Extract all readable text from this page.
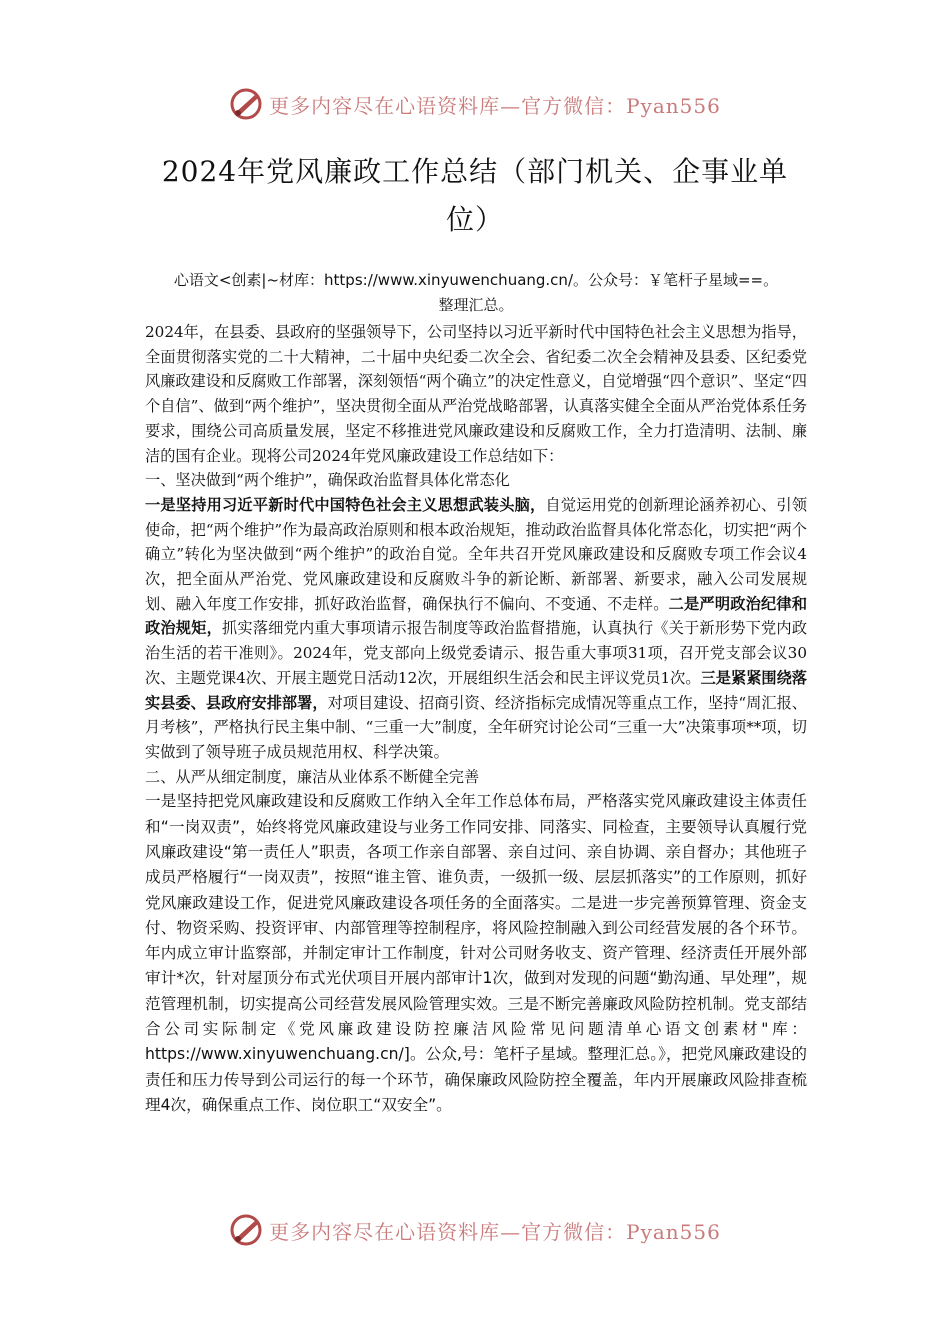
更多内容尽在心语资料库—官方微信：Pyan556
2024年党风廉政工作总结（部门机关、企事业单位）

心语文<创素|~材库：https://www.xinyuwenchuang.cn/。公众号：￥笔杆子星域==。

整理汇总。

2024年，在县委、县政府的坚强领导下，公司坚持以习近平新时代中国特色社会主义思想为指导，全面贯彻落实党的二十大精神，二十届中央纪委二次全会、省纪委二次全会精神及县委、区纪委党风廉政建设和反腐败工作部署，深刻领悟“两个确立”的决定性意义，自觉增强“四个意识”、坚定“四个自信”、做到“两个维护”，坚决贯彻全面从严治党战略部署，认真落实健全全面从严治党体系任务要求，围绕公司高质量发展，坚定不移推进党风廉政建设和反腐败工作，全力打造清明、法制、廉洁的国有企业。现将公司2024年党风廉政建设工作总结如下：

一、坚决做到“两个维护”，确保政治监督具体化常态化

一是坚持用习近平新时代中国特色社会主义思想武装头脑，自觉运用党的创新理论涵养初心、引领使命，把“两个维护”作为最高政治原则和根本政治规矩，推动政治监督具体化常态化，切实把“两个确立”转化为坚决做到“两个维护”的政治自觉。全年共召开党风廉政建设和反腐败专项工作会议4次，把全面从严治党、党风廉政建设和反腐败斗争的新论断、新部署、新要求，融入公司发展规划、融入年度工作安排，抓好政治监督，确保执行不偏向、不变通、不走样。二是严明政治纪律和政治规矩，抓实落细党内重大事项请示报告制度等政治监督措施，认真执行《关于新形势下党内政治生活的若干准则》。2024年，党支部向上级党委请示、报告重大事项31项，召开党支部会议30次、主题党课4次、开展主题党日活动12次，开展组织生活会和民主评议党员1次。三是紧紧围绕落实县委、县政府安排部署，对项目建设、招商引资、经济指标完成情况等重点工作，坚持“周汇报、月考核”，严格执行民主集中制、“三重一大”制度，全年研究讨论公司“三重一大”决策事项**项，切实做到了领导班子成员规范用权、科学决策。

二、从严从细定制度，廉洁从业体系不断健全完善

一是坚持把党风廉政建设和反腐败工作纳入全年工作总体布局，严格落实党风廉政建设主体责任和“一岗双责”，始终将党风廉政建设与业务工作同安排、同落实、同检查，主要领导认真履行党风廉政建设“第一责任人”职责，各项工作亲自部署、亲自过问、亲自协调、亲自督办；其他班子成员严格履行“一岗双责”，按照“谁主管、谁负责，一级抓一级、层层抓落实”的工作原则，抓好党风廉政建设工作，促进党风廉政建设各项任务的全面落实。二是进一步完善预算管理、资金支付、物资采购、投资评审、内部管理等控制程序，将风险控制融入到公司经营发展的各个环节。年内成立审计监察部，并制定审计工作制度，针对公司财务收支、资产管理、经济责任开展外部审计*次，针对屋顶分布式光伏项目开展内部审计1次，做到对发现的问题“勤沟通、早处理”，规范管理机制，切实提高公司经营发展风险管理实效。三是不断完善廉政风险防控机制。党支部结合公司实际制定《党风廉政建设防控廉洁风险常见问题清单心语文创素材"库：https://www.xinyuwenchuang.cn/]。公众,号：笔杆子星域。整理汇总。》，把党风廉政建设的责任和压力传导到公司运行的每一个环节，确保廉政风险防控全覆盖，年内开展廉政风险排查梳理4次，确保重点工作、岗位职工“双安全”。

更多内容尽在心语资料库—官方微信：Pyan556
